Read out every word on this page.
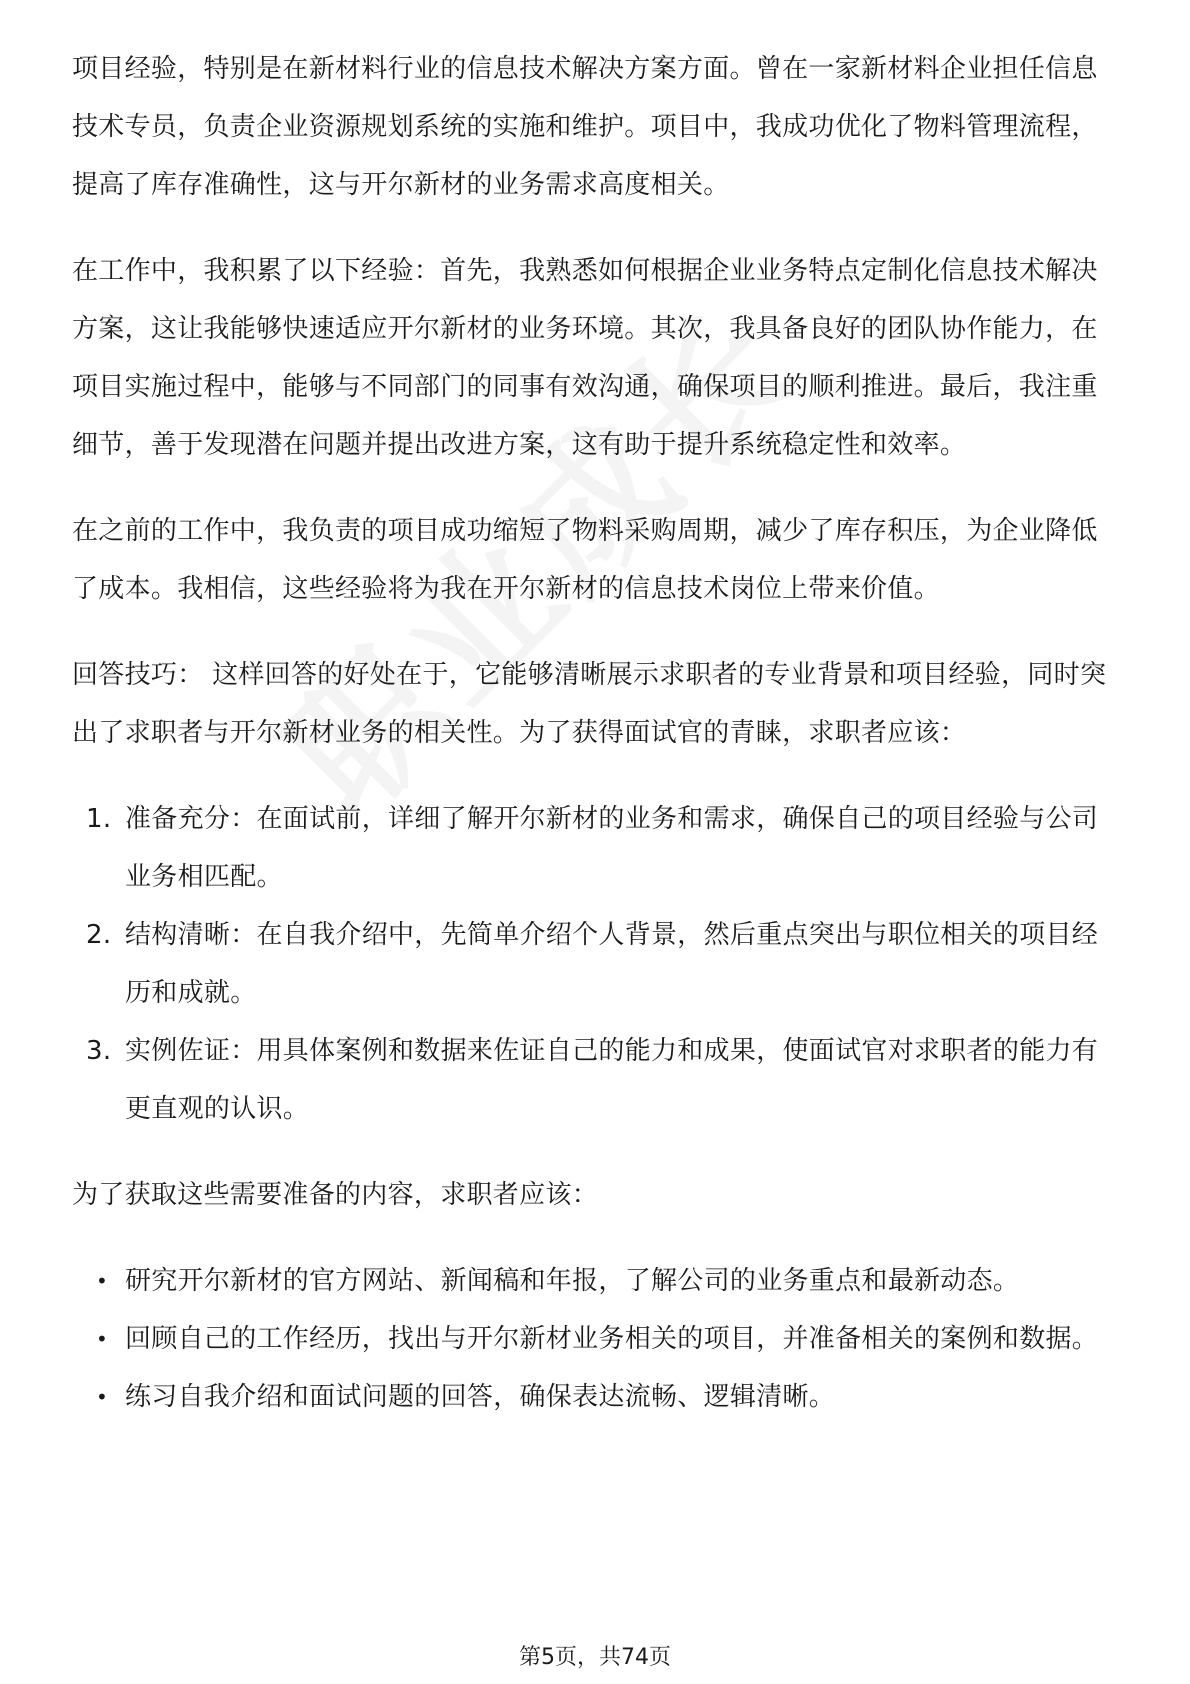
项目经验，特别是在新材料行业的信息技术解决方案方面。曾在一家新材料企业担任信息技术专员，负责企业资源规划系统的实施和维护。项目中，我成功优化了物料管理流程，提高了库存准确性，这与开尔新材的业务需求高度相关。

在工作中，我积累了以下经验：首先，我熟悉如何根据企业业务特点定制化信息技术解决方案，这让我能够快速适应开尔新材的业务环境。其次，我具备良好的团队协作能力，在项目实施过程中，能够与不同部门的同事有效沟通，确保项目的顺利推进。最后，我注重细节，善于发现潜在问题并提出改进方案，这有助于提升系统稳定性和效率。

在之前的工作中，我负责的项目成功缩短了物料采购周期，减少了库存积压，为企业降低了成本。我相信，这些经验将为我在开尔新材的信息技术岗位上带来价值。

回答技巧： 这样回答的好处在于，它能够清晰展示求职者的专业背景和项目经验，同时突出了求职者与开尔新材业务的相关性。为了获得面试官的青睐，求职者应该：

1. 准备充分：在面试前，详细了解开尔新材的业务和需求，确保自己的项目经验与公司业务相匹配。
2. 结构清晰：在自我介绍中，先简单介绍个人背景，然后重点突出与职位相关的项目经历和成就。
3. 实例佐证：用具体案例和数据来佐证自己的能力和成果，使面试官对求职者的能力有更直观的认识。

为了获取这些需要准备的内容，求职者应该：

• 研究开尔新材的官方网站、新闻稿和年报，了解公司的业务重点和最新动态。
• 回顾自己的工作经历，找出与开尔新材业务相关的项目，并准备相关的案例和数据。
• 练习自我介绍和面试问题的回答，确保表达流畅、逻辑清晰。
第5页，共74页
